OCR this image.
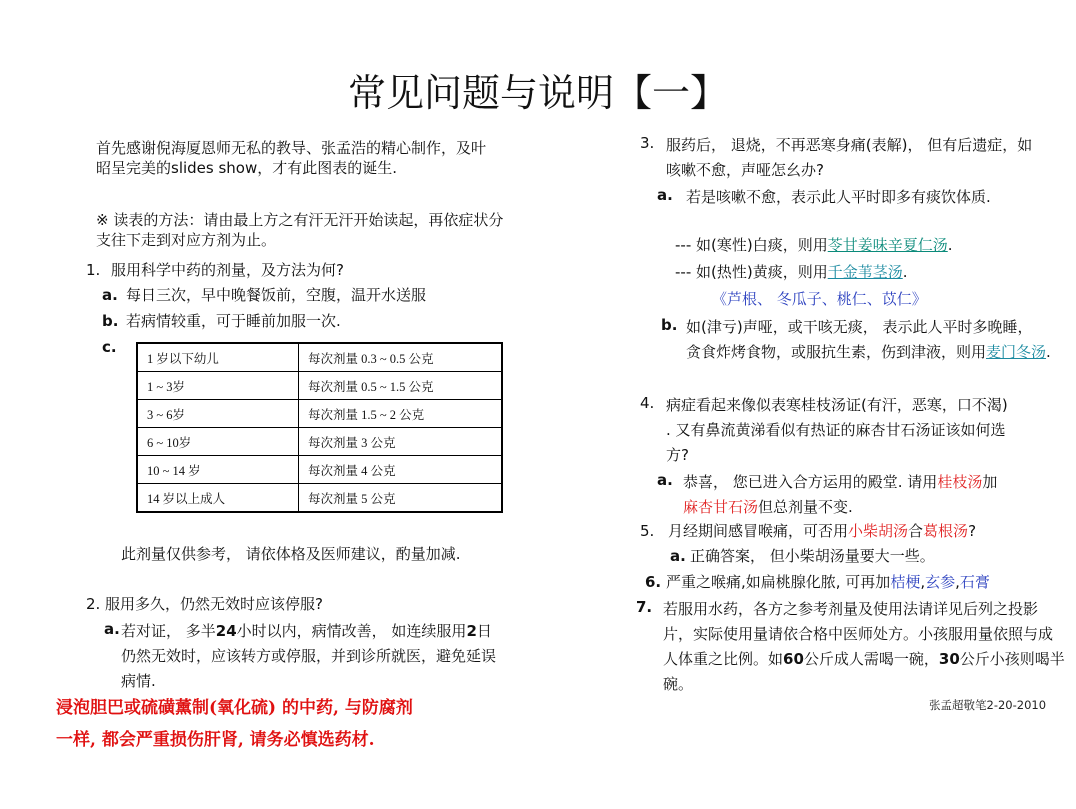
常见问题与说明【一】
首先感谢倪海厦恩师无私的教导、张孟浩的精心制作，及叶昭呈完美的slides show，才有此图表的诞生.
※ 读表的方法：请由最上方之有汗无汗开始读起，再依症状分支往下走到对应方剂为止。
1. 服用科学中药的剂量，及方法为何?
a. 每日三次，早中晚餐饭前，空腹，温开水送服
b. 若病情较重，可于睡前加服一次.
c.
1 岁以下幼儿	每次剂量 0.3 ~ 0.5 公克
1 ~ 3岁	每次剂量 0.5 ~ 1.5 公克
3 ~ 6岁	每次剂量 1.5 ~ 2 公克
6 ~ 10岁	每次剂量 3 公克
10 ~ 14 岁	每次剂量 4 公克
14 岁以上成人	每次剂量 5 公克
此剂量仅供参考， 请依体格及医师建议，酌量加减.
2. 服用多久，仍然无效时应该停服?
a. 若对证， 多半24小时以内，病情改善， 如连续服用2日仍然无效时，应该转方或停服，并到诊所就医，避免延误病情.
浸泡胆巴或硫磺薰制(氧化硫) 的中药, 与防腐剂
一样, 都会严重损伤肝肾, 请务必慎选药材.
3. 服药后， 退烧，不再恶寒身痛(表解)， 但有后遗症，如咳嗽不愈，声哑怎幺办?
a. 若是咳嗽不愈，表示此人平时即多有痰饮体质.
--- 如(寒性)白痰，则用苓甘姜味辛夏仁汤.
--- 如(热性)黄痰，则用千金苇茎汤.
《芦根、 冬瓜子、桃仁、苡仁》
b. 如(津亏)声哑，或干咳无痰， 表示此人平时多晚睡， 贪食炸烤食物，或服抗生素，伤到津液，则用麦门冬汤.
4. 病症看起来像似表寒桂枝汤证(有汗，恶寒，口不渴) . 又有鼻流黄涕看似有热证的麻杏甘石汤证该如何选方?
a. 恭喜， 您已进入合方运用的殿堂. 请用桂枝汤加麻杏甘石汤但总剂量不变.
5. 月经期间感冒喉痛，可否用小柴胡汤合葛根汤?
a. 正确答案， 但小柴胡汤量要大一些。
6. 严重之喉痛,如扁桃腺化脓, 可再加桔梗,玄参,石膏
7. 若服用水药，各方之参考剂量及使用法请详见后列之投影片，实际使用量请依合格中医师处方。小孩服用量依照与成人体重之比例。如60公斤成人需喝一碗，30公斤小孩则喝半碗。
张孟超敬笔2-20-2010
